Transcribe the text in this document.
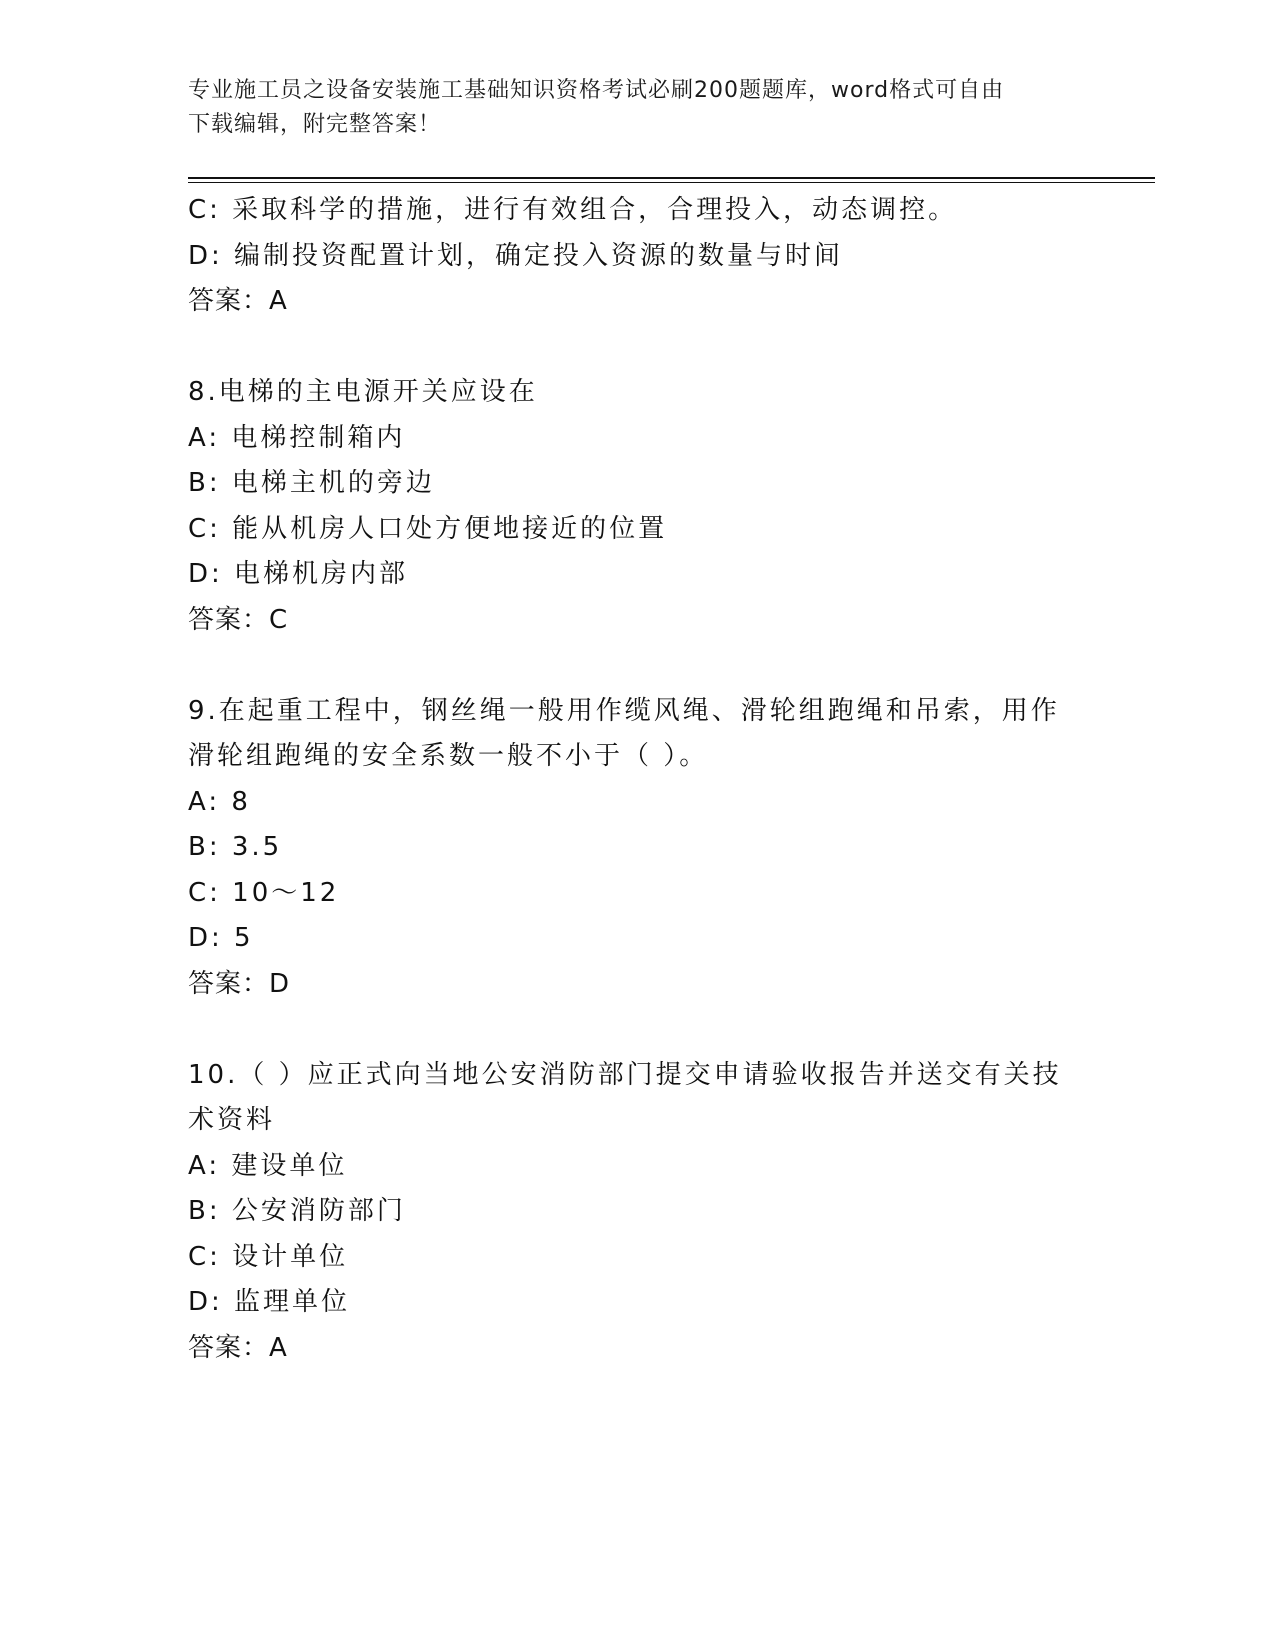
专业施工员之设备安装施工基础知识资格考试必刷200题题库，word格式可自由
下载编辑，附完整答案！
C: 采取科学的措施，进行有效组合，合理投入，动态调控。
D: 编制投资配置计划，确定投入资源的数量与时间
答案：A
8.电梯的主电源开关应设在
A: 电梯控制箱内
B: 电梯主机的旁边
C: 能从机房人口处方便地接近的位置
D: 电梯机房内部
答案：C
9.在起重工程中，钢丝绳一般用作缆风绳、滑轮组跑绳和吊索，用作
滑轮组跑绳的安全系数一般不小于（ ）。
A: 8
B: 3.5
C: 10～12
D: 5
答案：D
10.（ ）应正式向当地公安消防部门提交申请验收报告并送交有关技
术资料
A: 建设单位
B: 公安消防部门
C: 设计单位
D: 监理单位
答案：A
